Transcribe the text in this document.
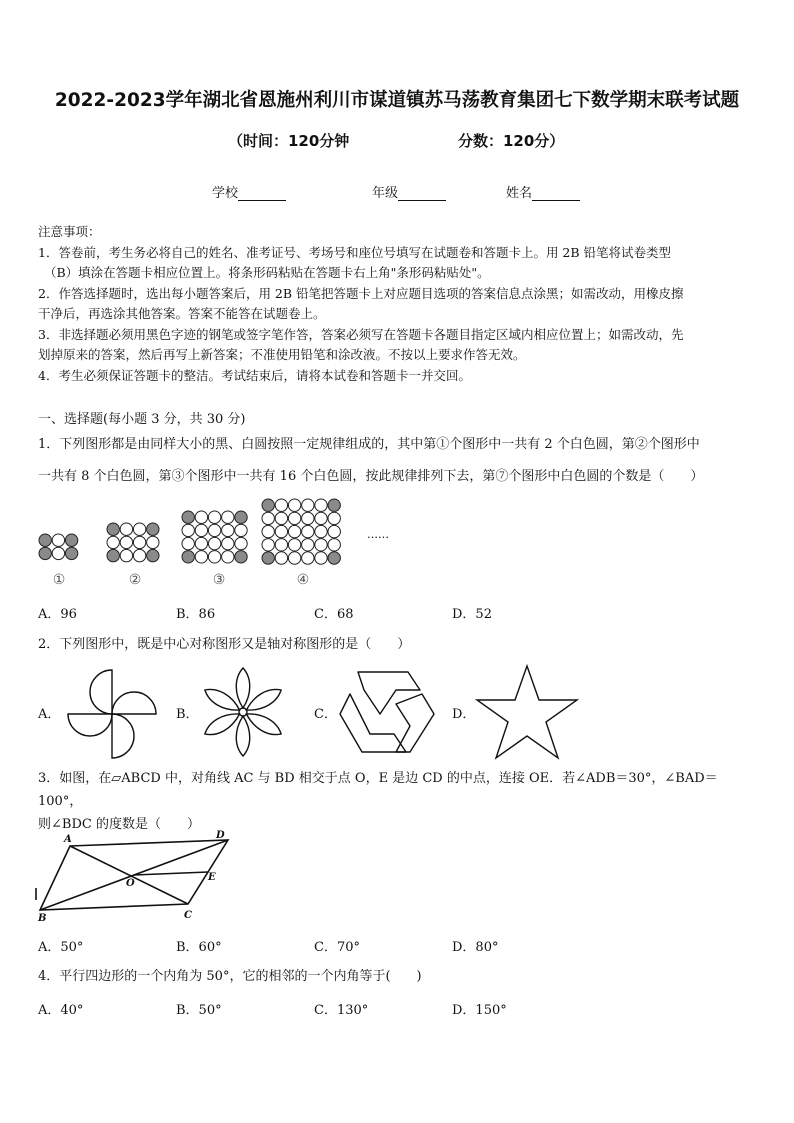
2022-2023学年湖北省恩施州利川市谋道镇苏马荡教育集团七下数学期末联考试题
（时间：120分钟	分数：120分）
学校	年级	姓名

注意事项：

1．答卷前，考生务必将自己的姓名、准考证号、考场号和座位号填写在试题卷和答题卡上。用 2B 铅笔将试卷类型

（B）填涂在答题卡相应位置上。将条形码粘贴在答题卡右上角"条形码粘贴处"。

2．作答选择题时，选出每小题答案后，用 2B 铅笔把答题卡上对应题目选项的答案信息点涂黑；如需改动，用橡皮擦

干净后，再选涂其他答案。答案不能答在试题卷上。

3．非选择题必须用黑色字迹的钢笔或签字笔作答，答案必须写在答题卡各题目指定区域内相应位置上；如需改动，先

划掉原来的答案，然后再写上新答案；不准使用铅笔和涂改液。不按以上要求作答无效。

4．考生必须保证答题卡的整洁。考试结束后，请将本试卷和答题卡一并交回。

一、选择题(每小题 3 分，共 30 分)
1．下列图形都是由同样大小的黑、白圆按照一定规律组成的，其中第①个图形中一共有 2 个白色圆，第②个图形中
一共有 8 个白色圆，第③个图形中一共有 16 个白色圆，按此规律排列下去，第⑦个图形中白色圆的个数是（　　）
……
①	②	③	④
A．96	B．86	C．68	D．52
2．下列图形中，既是中心对称图形又是轴对称图形的是（　　）
A．	B．	C．	D．
3．如图，在▱ABCD 中，对角线 AC 与 BD 相交于点 O，E 是边 CD 的中点，连接 OE．若∠ADB＝30°，∠BAD＝100°，
则∠BDC 的度数是（　　）
A	D
O
E
B	C
A．50°	B．60°	C．70°	D．80°
4．平行四边形的一个内角为 50°，它的相邻的一个内角等于(　　)
A．40°	B．50°	C．130°	D．150°
